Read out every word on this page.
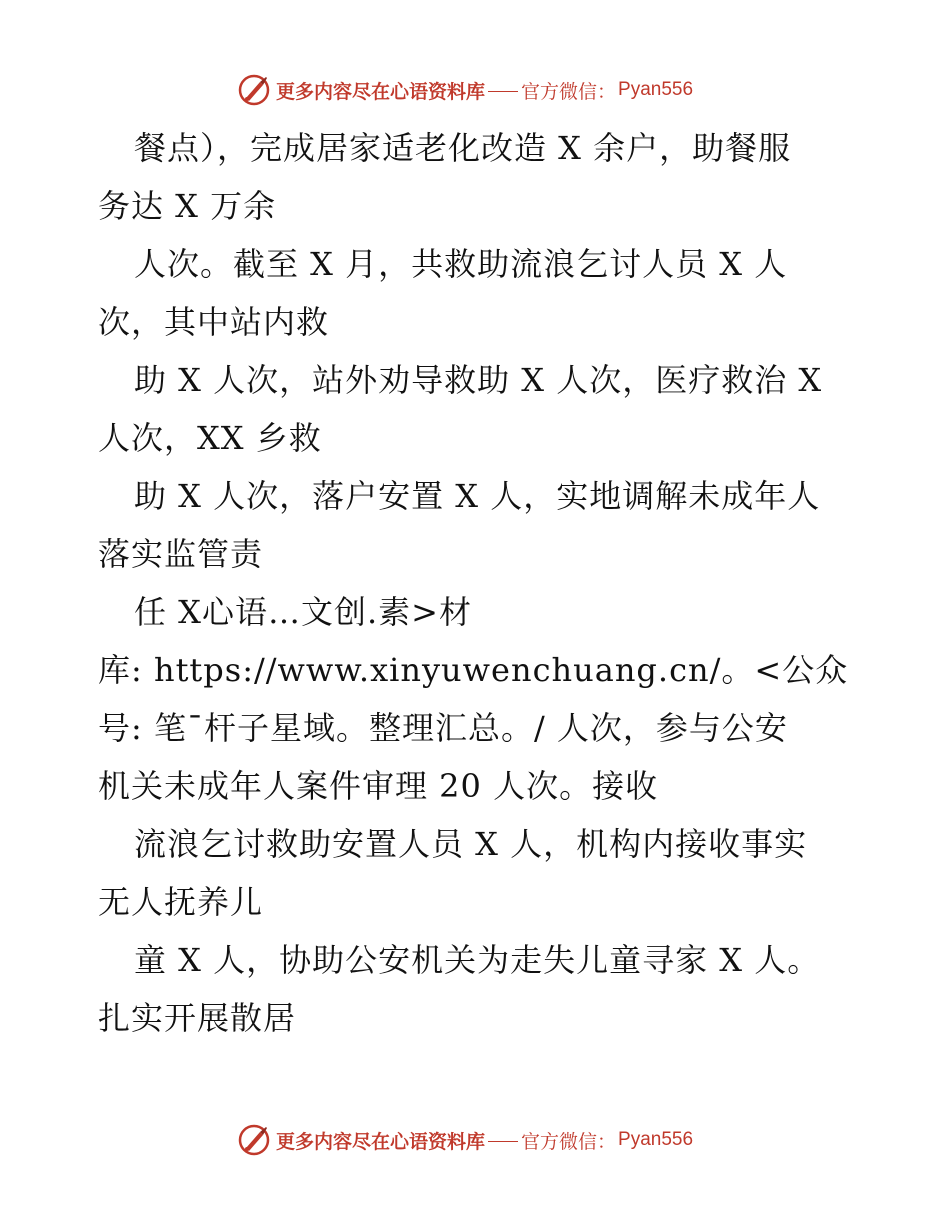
更多内容尽在心语资料库 官方微信： Pyan556
餐点），完成居家适老化改造 X 余户，助餐服
务达 X 万余
人次。截至 X 月，共救助流浪乞讨人员 X 人
次，其中站内救
助 X 人次，站外劝导救助 X 人次，医疗救治 X
人次，XX 乡救
助 X 人次，落户安置 X 人，实地调解未成年人
落实监管责
任 X心语…文创.素>材
库: https://www.xinyuwenchuang.cn/。<公众
号: 笔¯杆子星域。整理汇总。/ 人次，参与公安
机关未成年人案件审理 20 人次。接收
流浪乞讨救助安置人员 X 人，机构内接收事实
无人抚养儿
童 X 人，协助公安机关为走失儿童寻家 X 人。
扎实开展散居
更多内容尽在心语资料库 官方微信： Pyan556
